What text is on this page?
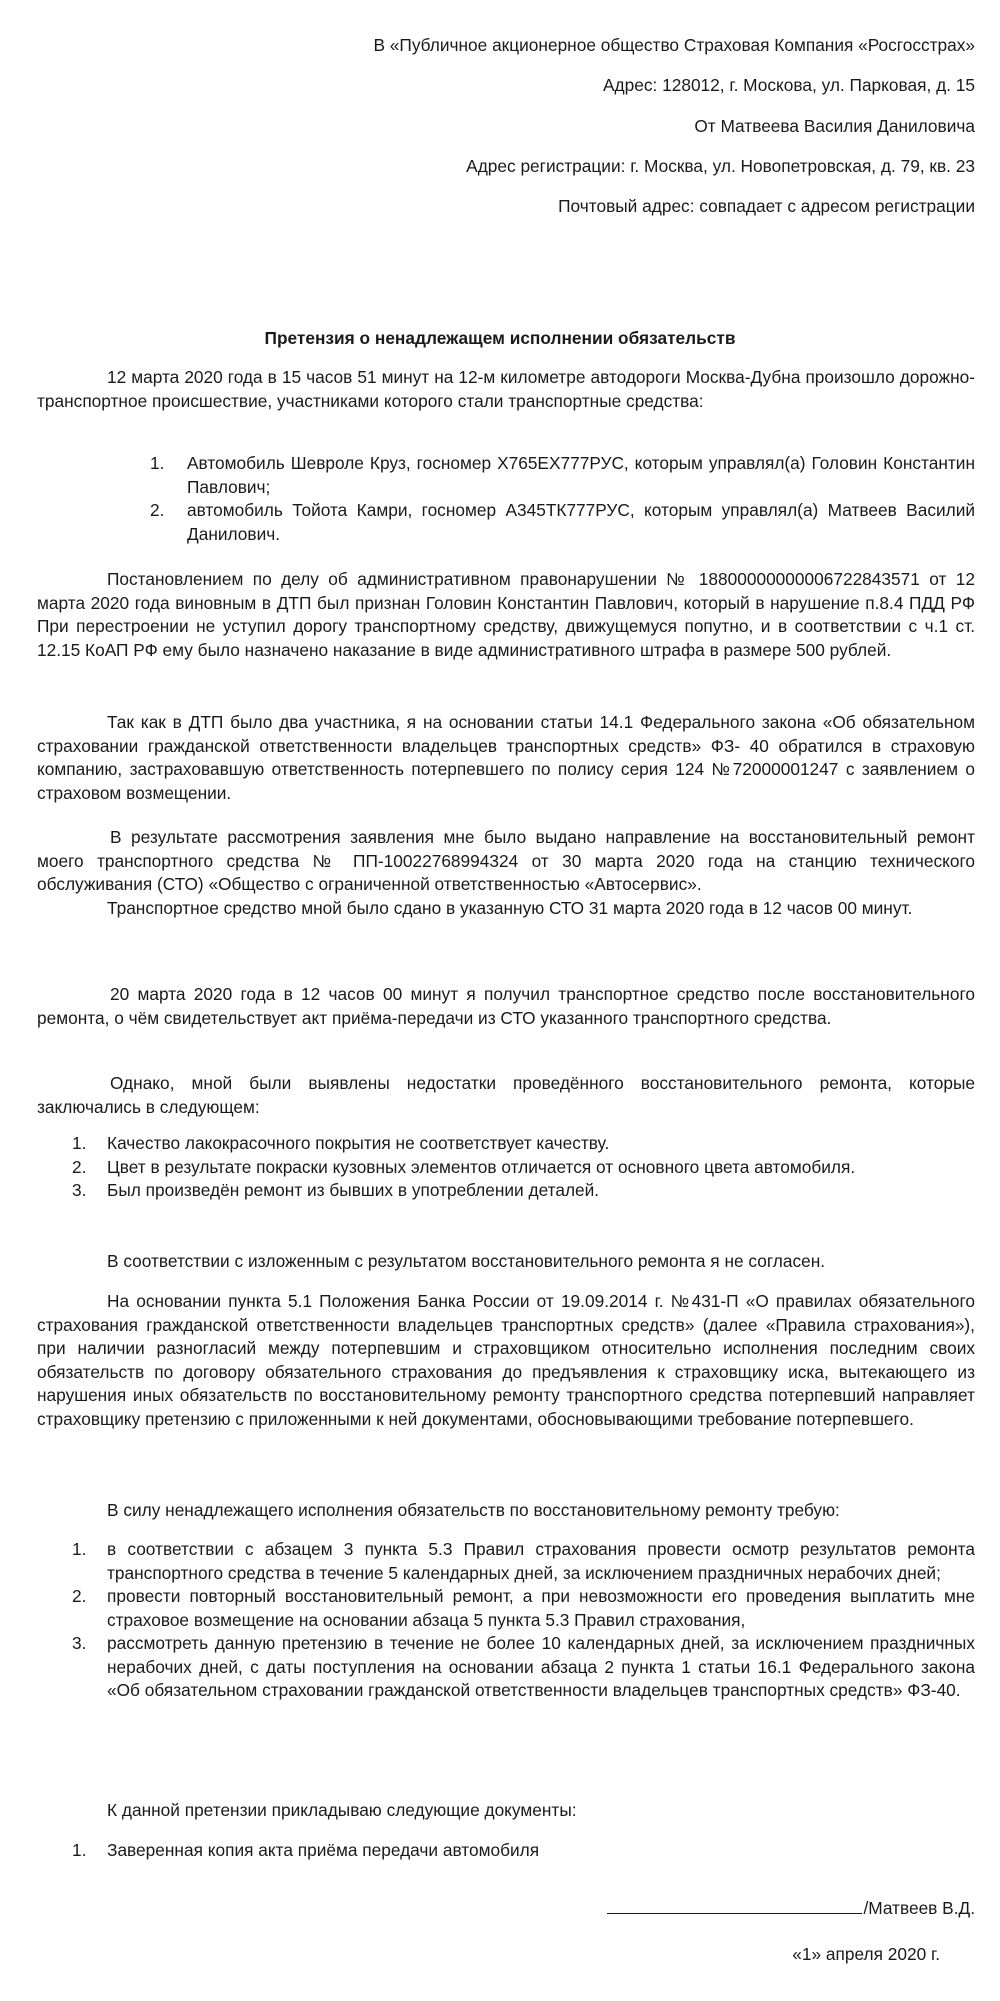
В «Публичное акционерное общество Страховая Компания «Росгосстрах»

Адрес: 128012, г. Москова, ул. Парковая, д. 15

От Матвеева Василия Даниловича

Адрес регистрации: г. Москва, ул. Новопетровская, д. 79, кв. 23

Почтовый адрес: совпадает с адресом регистрации

Претензия о ненадлежащем исполнении обязательств

12 марта 2020 года в 15 часов 51 минут на 12-м километре автодороги Москва-Дубна произошло дорожно-транспортное происшествие, участниками которого стали транспортные средства:

1. Автомобиль Шевроле Круз, госномер Х765ЕХ777РУС, которым управлял(а) Головин Константин Павлович;
2. автомобиль Тойота Камри, госномер А345ТК777РУС, которым управлял(а) Матвеев Василий Данилович.

Постановлением по делу об административном правонарушении № 18800000000006722843571 от 12 марта 2020 года виновным в ДТП был признан Головин Константин Павлович, который в нарушение п.8.4 ПДД РФ При перестроении не уступил дорогу транспортному средству, движущемуся попутно, и в соответствии с ч.1 ст. 12.15 КоАП РФ ему было назначено наказание в виде административного штрафа в размере 500 рублей.

Так как в ДТП было два участника, я на основании статьи 14.1 Федерального закона «Об обязательном страховании гражданской ответственности владельцев транспортных средств» ФЗ- 40 обратился в страховую компанию, застраховавшую ответственность потерпевшего по полису серия 124 №72000001247 с заявлением о страховом возмещении.

В результате рассмотрения заявления мне было выдано направление на восстановительный ремонт моего транспортного средства № ПП-10022768994324 от 30 марта 2020 года на станцию технического обслуживания (СТО) «Общество с ограниченной ответственностью «Автосервис».

Транспортное средство мной было сдано в указанную СТО 31 марта 2020 года в 12 часов 00 минут.

20 марта 2020 года в 12 часов 00 минут я получил транспортное средство после восстановительного ремонта, о чём свидетельствует акт приёма-передачи из СТО указанного транспортного средства.

Однако, мной были выявлены недостатки проведённого восстановительного ремонта, которые заключались в следующем:

1. Качество лакокрасочного покрытия не соответствует качеству.
2. Цвет в результате покраски кузовных элементов отличается от основного цвета автомобиля.
3. Был произведён ремонт из бывших в употреблении деталей.

В соответствии с изложенным с результатом восстановительного ремонта я не согласен.

На основании пункта 5.1 Положения Банка России от 19.09.2014 г. №431-П «О правилах обязательного страхования гражданской ответственности владельцев транспортных средств» (далее «Правила страхования»), при наличии разногласий между потерпевшим и страховщиком относительно исполнения последним своих обязательств по договору обязательного страхования до предъявления к страховщику иска, вытекающего из нарушения иных обязательств по восстановительному ремонту транспортного средства потерпевший направляет страховщику претензию с приложенными к ней документами, обосновывающими требование потерпевшего.

В силу ненадлежащего исполнения обязательств по восстановительному ремонту требую:

1. в соответствии с абзацем 3 пункта 5.3 Правил страхования провести осмотр результатов ремонта транспортного средства в течение 5 календарных дней, за исключением праздничных нерабочих дней;
2. провести повторный восстановительный ремонт, а при невозможности его проведения выплатить мне страховое возмещение на основании абзаца 5 пункта 5.3 Правил страхования,
3. рассмотреть данную претензию в течение не более 10 календарных дней, за исключением праздничных нерабочих дней, с даты поступления на основании абзаца 2 пункта 1 статьи 16.1 Федерального закона «Об обязательном страховании гражданской ответственности владельцев транспортных средств» ФЗ-40.

К данной претензии прикладываю следующие документы:

1. Заверенная копия акта приёма передачи автомобиля
/Матвеев В.Д.
«1» апреля 2020 г.
